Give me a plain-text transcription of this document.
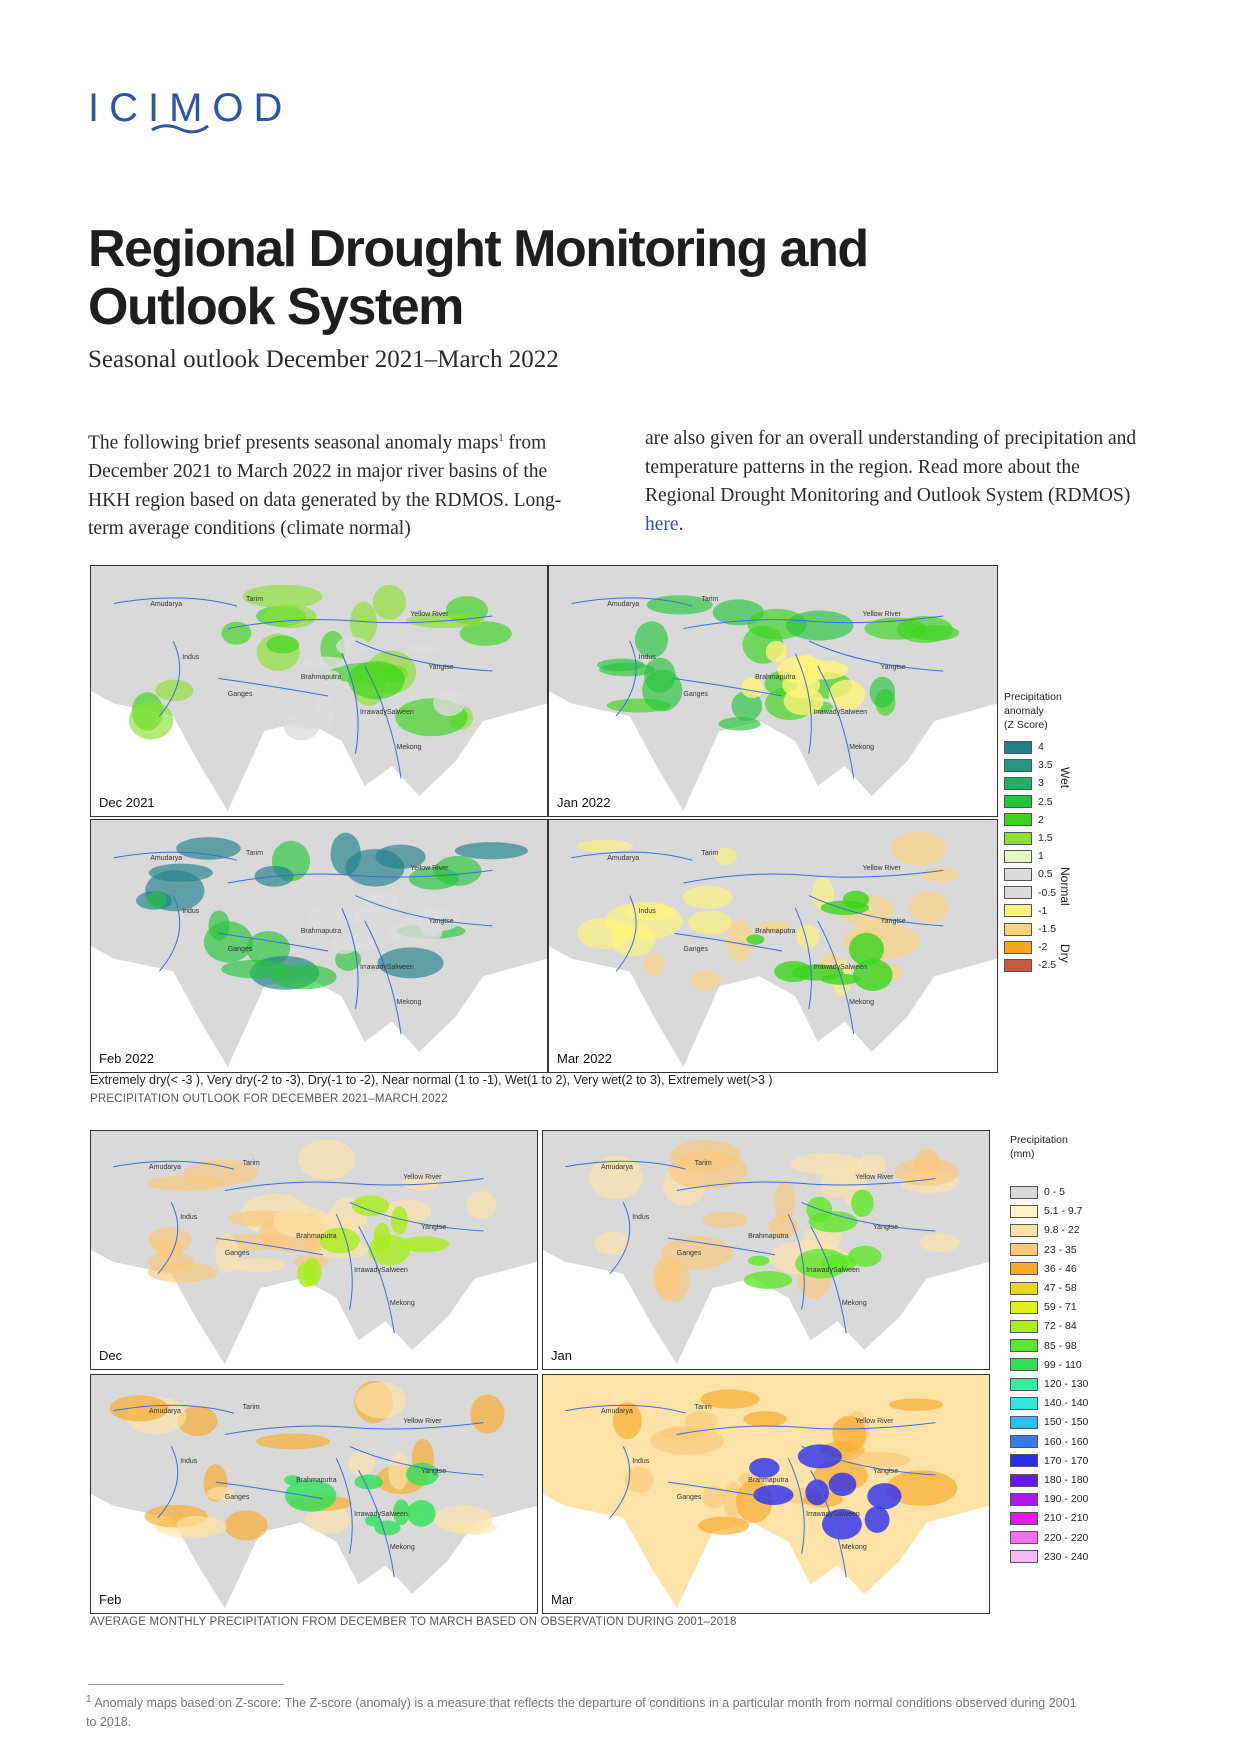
ICIMOD
Regional Drought Monitoring and
Outlook System
Seasonal outlook December 2021–March 2022
The following brief presents seasonal anomaly maps$^1$ from December 2021 to March 2022 in major river basins of the HKH region based on data generated by the RDMOS. Long-term average conditions (climate normal)
are also given for an overall understanding of precipitation and temperature patterns in the region. Read more about the Regional Drought Monitoring and Outlook System (RDMOS) here.
Dec 2021
Amudarya
Tarim
Yellow River
Indus
Yangtse
Brahmaputra
Ganges
IrrawadySalween
Mekong
Jan 2022
Amudarya
Tarim
Yellow River
Indus
Yangtse
Brahmaputra
Ganges
IrrawadySalween
Mekong
Feb 2022
Amudarya
Tarim
Yellow River
Indus
Yangtse
Brahmaputra
Ganges
IrrawadySalween
Mekong
Mar 2022
Amudarya
Tarim
Yellow River
Indus
Yangtse
Brahmaputra
Ganges
IrrawadySalween
Mekong
Precipitation
anomaly
(Z Score)
4
3.5
3
2.5
2
1.5
1
0.5
-0.5
-1
-1.5
-2
-2.5
Wet
Normal
Dry
Extremely dry(< -3 ), Very dry(-2 to -3), Dry(-1 to -2), Near normal (1 to -1), Wet(1 to 2), Very wet(2 to 3), Extremely wet(>3 )
PRECIPITATION OUTLOOK FOR DECEMBER 2021–MARCH 2022
Dec
Amudarya
Tarim
Yellow River
Indus
Yangtse
Brahmaputra
Ganges
IrrawadySalween
Mekong
Jan
Amudarya
Tarim
Yellow River
Indus
Yangtse
Brahmaputra
Ganges
IrrawadySalween
Mekong
Feb
Amudarya
Tarim
Yellow River
Indus
Yangtse
Brahmaputra
Ganges
IrrawadySalween
Mekong
Mar
Amudarya
Tarim
Yellow River
Indus
Yangtse
Brahmaputra
Ganges
IrrawadySalween
Mekong
Precipitation
(mm)
0 - 5
5.1 - 9.7
9.8 - 22
23 - 35
36 - 46
47 - 58
59 - 71
72 - 84
85 - 98
99 - 110
120 - 130
140 - 140
150 - 150
160 - 160
170 - 170
180 - 180
190 - 200
210 - 210
220 - 220
230 - 240
AVERAGE MONTHLY PRECIPITATION FROM DECEMBER TO MARCH BASED ON OBSERVATION DURING 2001–2018
$^1$ Anomaly maps based on Z-score: The Z-score (anomaly) is a measure that reflects the departure of conditions in a particular month from normal conditions observed during 2001 to 2018.
